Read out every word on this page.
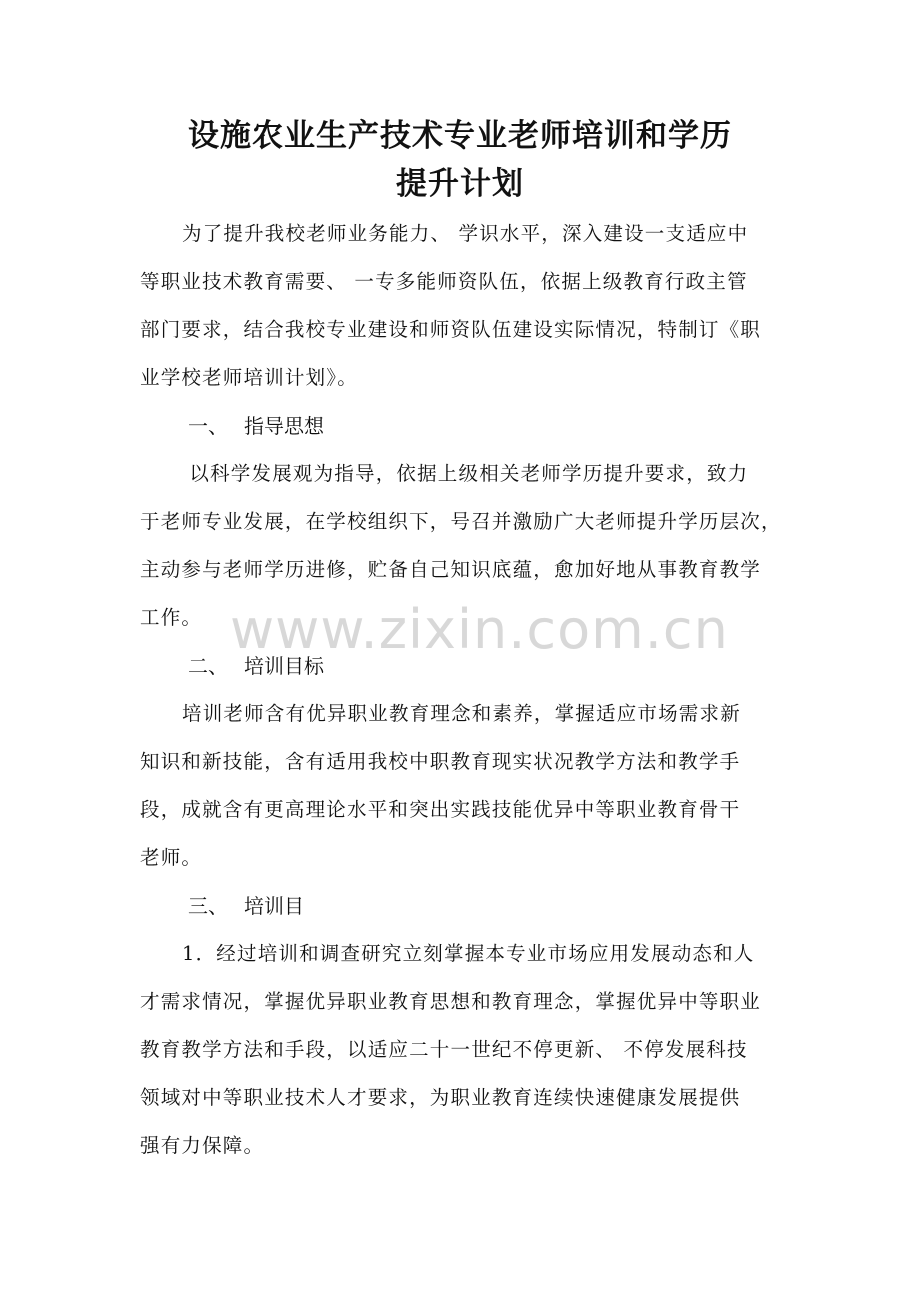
设施农业生产技术专业老师培训和学历
提升计划

为了提升我校老师业务能力、 学识水平，深入建设一支适应中

等职业技术教育需要、 一专多能师资队伍，依据上级教育行政主管

部门要求，结合我校专业建设和师资队伍建设实际情况，特制订《职

业学校老师培训计划》。

一、 指导思想

以科学发展观为指导，依据上级相关老师学历提升要求，致力

于老师专业发展，在学校组织下，号召并激励广大老师提升学历层次，

主动参与老师学历进修，贮备自己知识底蕴，愈加好地从事教育教学

工作。

二、 培训目标

培训老师含有优异职业教育理念和素养，掌握适应市场需求新

知识和新技能，含有适用我校中职教育现实状况教学方法和教学手

段，成就含有更高理论水平和突出实践技能优异中等职业教育骨干

老师。

三、 培训目

1．经过培训和调查研究立刻掌握本专业市场应用发展动态和人

才需求情况，掌握优异职业教育思想和教育理念，掌握优异中等职业

教育教学方法和手段，以适应二十一世纪不停更新、 不停发展科技

领域对中等职业技术人才要求，为职业教育连续快速健康发展提供

强有力保障。

www.zixin.com.cn
